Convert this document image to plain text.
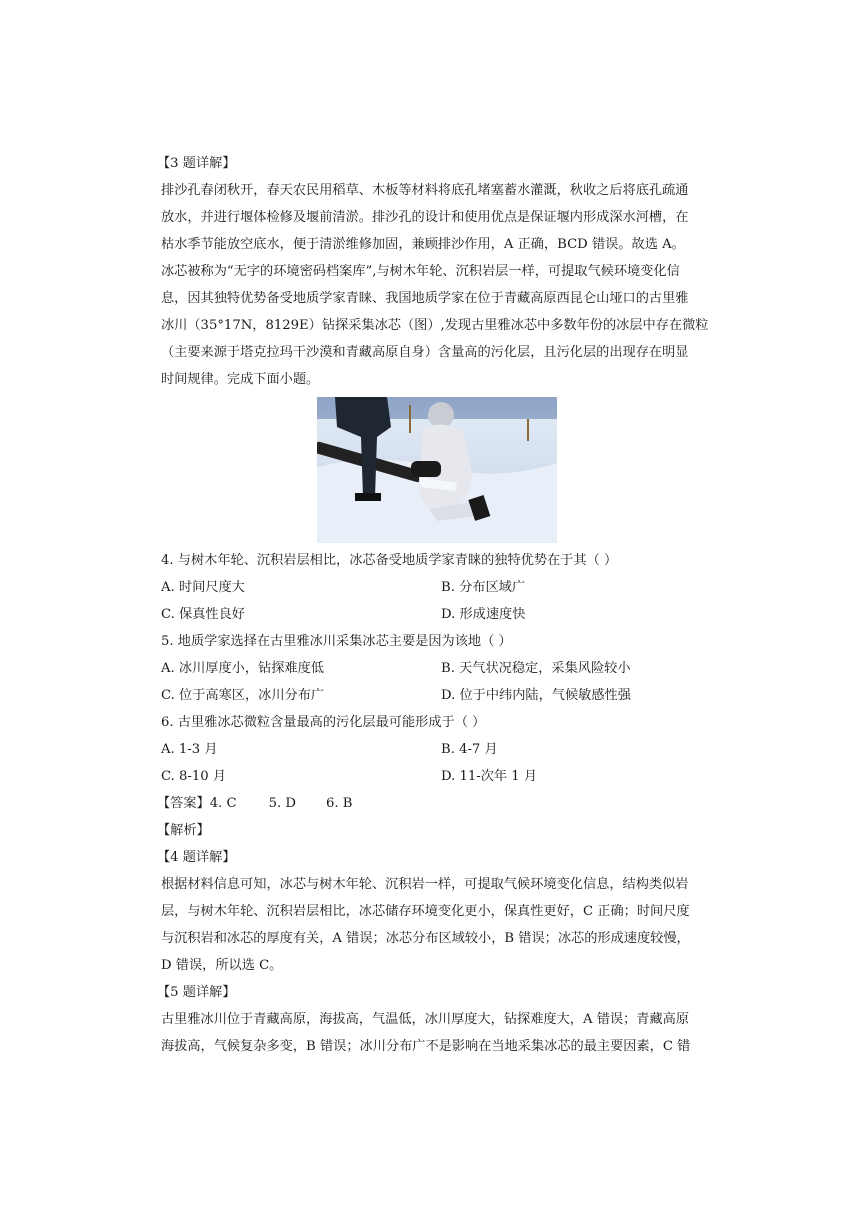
【3 题详解】

排沙孔春闭秋开，春天农民用稻草、木板等材料将底孔堵塞蓄水灌溉，秋收之后将底孔疏通

放水，并进行堰体检修及堰前清淤。排沙孔的设计和使用优点是保证堰内形成深水河槽，在

枯水季节能放空底水，便于清淤维修加固，兼顾排沙作用，A 正确，BCD 错误。故选 A。

冰芯被称为“无字的环境密码档案库”,与树木年轮、沉积岩层一样，可提取气候环境变化信

息，因其独特优势备受地质学家青睐、我国地质学家在位于青藏高原西昆仑山垭口的古里雅

冰川（35°17N，8129E）钻探采集冰芯（图）,发现古里雅冰芯中多数年份的冰层中存在微粒

（主要来源于塔克拉玛干沙漠和青藏高原自身）含量高的污化层，且污化层的出现存在明显

时间规律。完成下面小题。

4. 与树木年轮、沉积岩层相比，冰芯备受地质学家青睐的独特优势在于其（ ）

A. 时间尺度大	B. 分布区域广

C. 保真性良好	D. 形成速度快

5. 地质学家选择在古里雅冰川采集冰芯主要是因为该地（ ）

A. 冰川厚度小，钻探难度低	B. 天气状况稳定，采集风险较小

C. 位于高寒区，冰川分布广	D. 位于中纬内陆，气候敏感性强

6. 古里雅冰芯微粒含量最高的污化层最可能形成于（ ）

A. 1-3 月	B. 4-7 月

C. 8-10 月	D. 11-次年 1 月

【答案】4. C 5. D 6. B

【解析】

【4 题详解】

根据材料信息可知，冰芯与树木年轮、沉积岩一样，可提取气候环境变化信息，结构类似岩

层，与树木年轮、沉积岩层相比，冰芯储存环境变化更小，保真性更好，C 正确；时间尺度

与沉积岩和冰芯的厚度有关，A 错误；冰芯分布区域较小，B 错误；冰芯的形成速度较慢，

D 错误，所以选 C。

【5 题详解】

古里雅冰川位于青藏高原，海拔高，气温低，冰川厚度大，钻探难度大，A 错误；青藏高原

海拔高，气候复杂多变，B 错误；冰川分布广不是影响在当地采集冰芯的最主要因素，C 错
